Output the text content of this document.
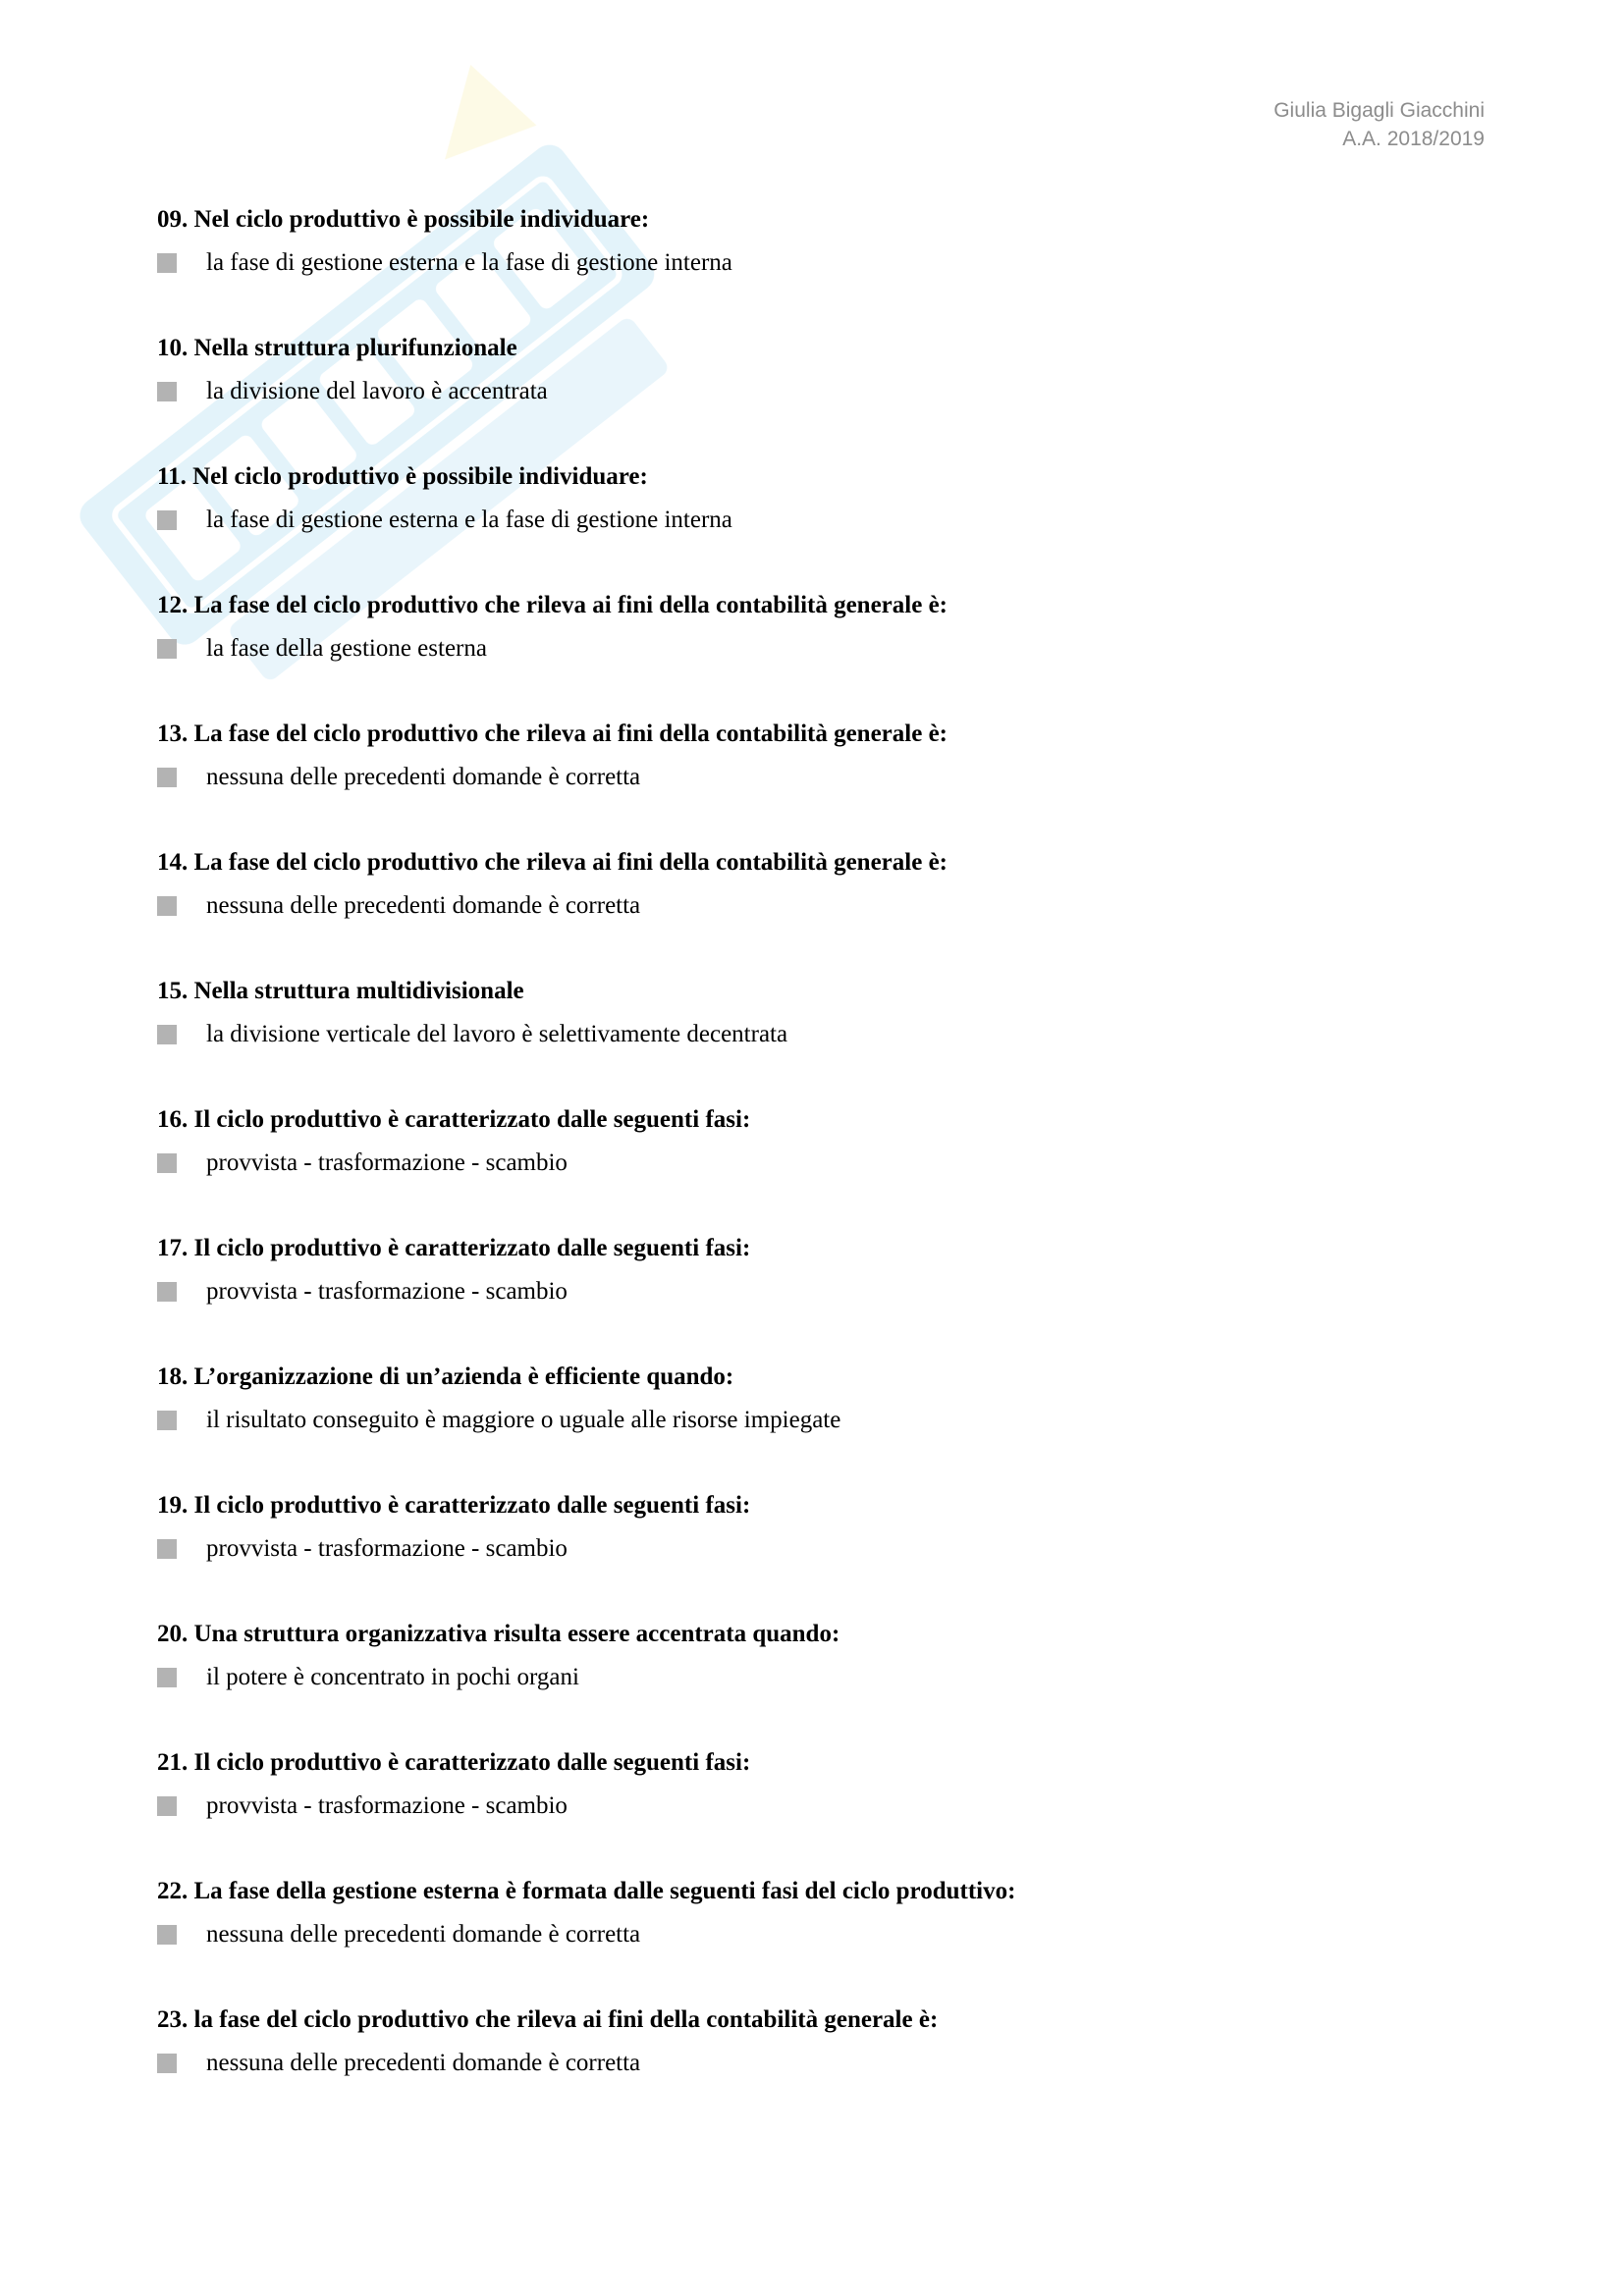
Giulia Bigagli Giacchini
A.A. 2018/2019
09. Nel ciclo produttivo è possibile individuare:
la fase di gestione esterna e la fase di gestione interna
10. Nella struttura plurifunzionale
la divisione del lavoro è accentrata
11. Nel ciclo produttivo è possibile individuare:
la fase di gestione esterna e la fase di gestione interna
12. La fase del ciclo produttivo che rileva ai fini della contabilità generale è:
la fase della gestione esterna
13. La fase del ciclo produttivo che rileva ai fini della contabilità generale è:
nessuna delle precedenti domande è corretta
14. La fase del ciclo produttivo che rileva ai fini della contabilità generale è:
nessuna delle precedenti domande è corretta
15. Nella struttura multidivisionale
la divisione verticale del lavoro è selettivamente decentrata
16. Il ciclo produttivo è caratterizzato dalle seguenti fasi:
provvista - trasformazione - scambio
17. Il ciclo produttivo è caratterizzato dalle seguenti fasi:
provvista - trasformazione - scambio
18. L’organizzazione di un’azienda è efficiente quando:
il risultato conseguito è maggiore o uguale alle risorse impiegate
19. Il ciclo produttivo è caratterizzato dalle seguenti fasi:
provvista - trasformazione - scambio
20. Una struttura organizzativa risulta essere accentrata quando:
il potere è concentrato in pochi organi
21. Il ciclo produttivo è caratterizzato dalle seguenti fasi:
provvista - trasformazione - scambio
22. La fase della gestione esterna è formata dalle seguenti fasi del ciclo produttivo:
nessuna delle precedenti domande è corretta
23. la fase del ciclo produttivo che rileva ai fini della contabilità generale è:
nessuna delle precedenti domande è corretta
